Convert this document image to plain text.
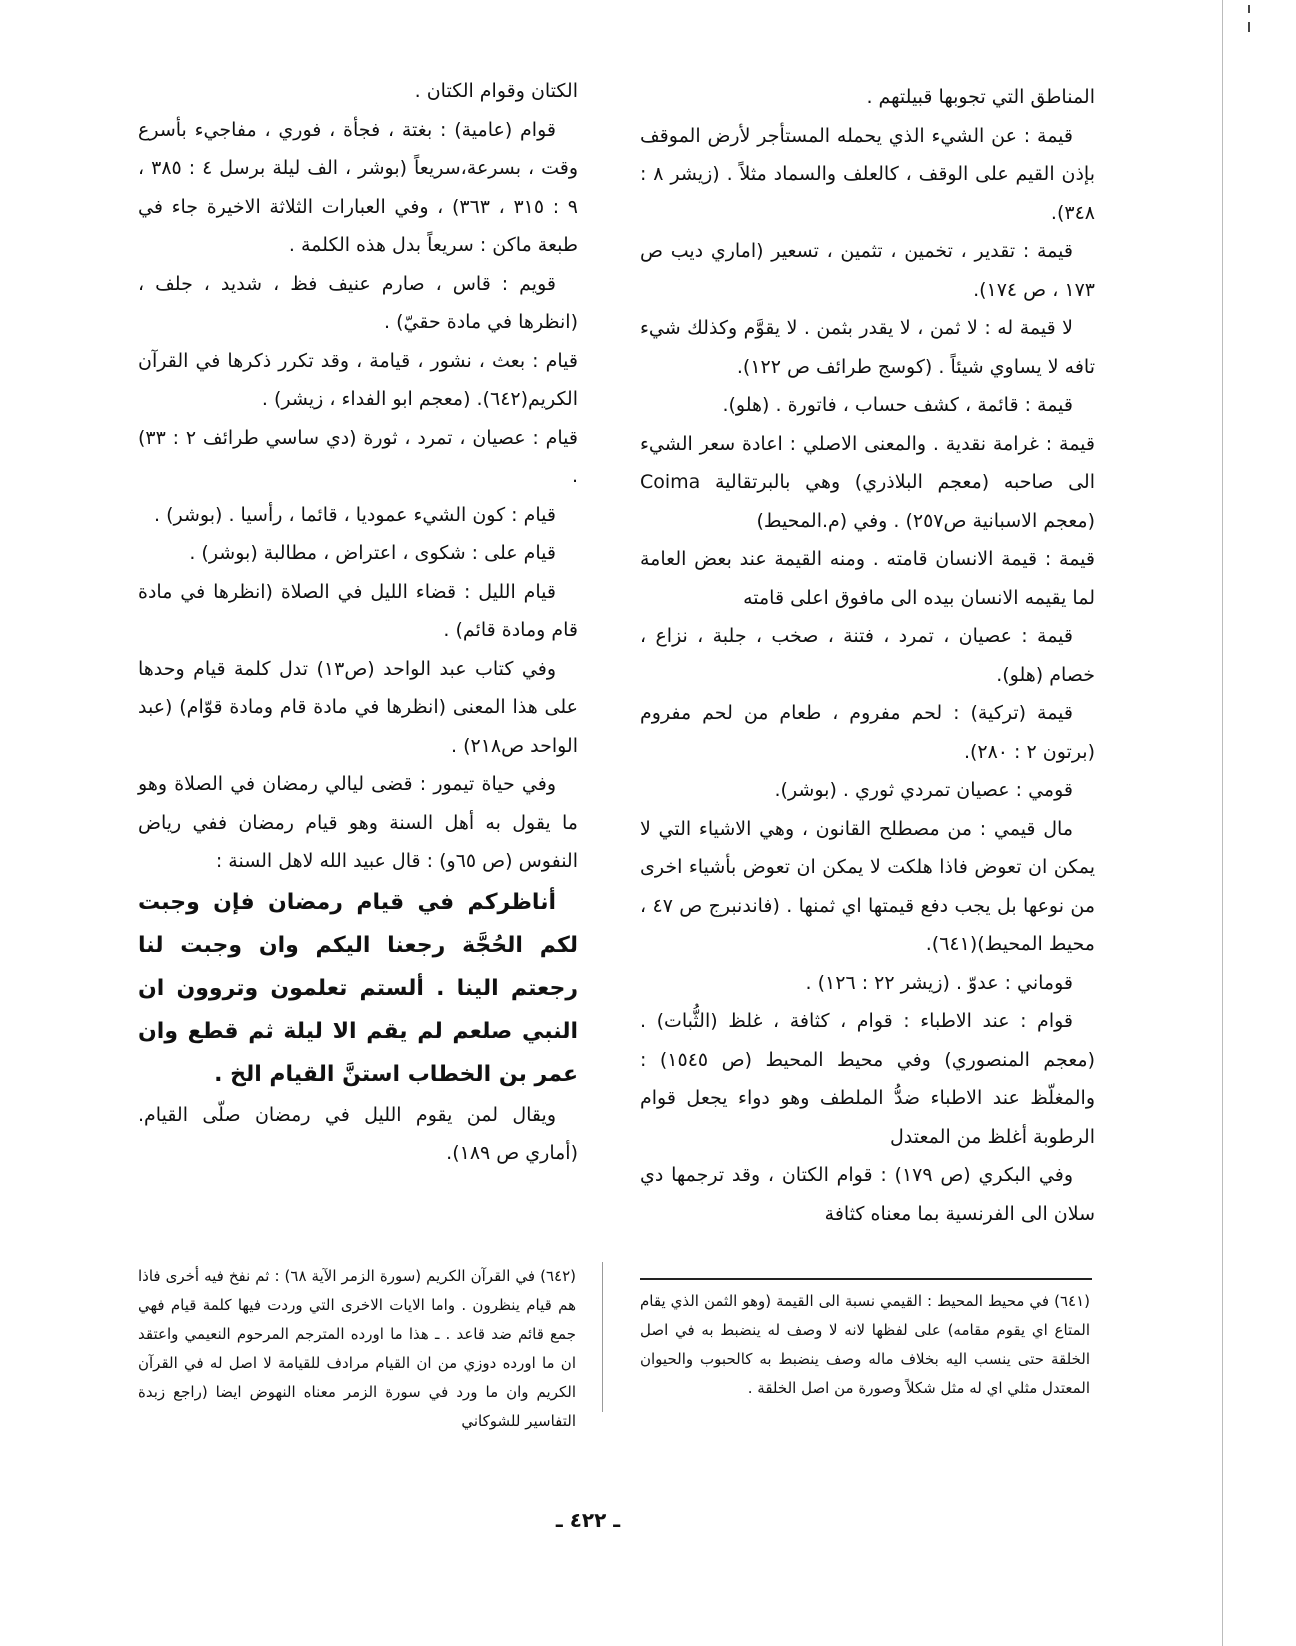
المناطق التي تجوبها قبيلتهم .

قيمة : عن الشيء الذي يحمله المستأجر لأرض الموقف بإذن القيم على الوقف ، كالعلف والسماد مثلاً . (زيشر ٨ : ٣٤٨).

قيمة : تقدير ، تخمين ، تثمين ، تسعير (اماري ديب ص ١٧٣ ، ص ١٧٤).

لا قيمة له : لا ثمن ، لا يقدر بثمن . لا يقوَّم وكذلك شيء تافه لا يساوي شيئاً . (كوسج طرائف ص ١٢٢).

قيمة : قائمة ، كشف حساب ، فاتورة . (هلو).

قيمة : غرامة نقدية . والمعنى الاصلي : اعادة سعر الشيء الى صاحبه (معجم البلاذري) وهي بالبرتقالية Coima (معجم الاسبانية ص٢٥٧) . وفي (م.المحيط)

قيمة : قيمة الانسان قامته . ومنه القيمة عند بعض العامة لما يقيمه الانسان بيده الى مافوق اعلى قامته

قيمة : عصيان ، تمرد ، فتنة ، صخب ، جلبة ، نزاع ، خصام (هلو).

قيمة (تركية) : لحم مفروم ، طعام من لحم مفروم (برتون ٢ : ٢٨٠).

قومي : عصيان تمردي ثوري . (بوشر).

مال قيمي : من مصطلح القانون ، وهي الاشياء التي لا يمكن ان تعوض فاذا هلكت لا يمكن ان تعوض بأشياء اخرى من نوعها بل يجب دفع قيمتها اي ثمنها . (فاندنبرج ص ٤٧ ، محيط المحيط)(٦٤١).

قوماني : عدوّ . (زيشر ٢٢ : ١٢٦) .

قوام : عند الاطباء : قوام ، كثافة ، غلظ (الثُّبات) . (معجم المنصوري) وفي محيط المحيط (ص ١٥٤٥) : والمغلّظ عند الاطباء ضدُّ الملطف وهو دواء يجعل قوام الرطوبة أغلظ من المعتدل

وفي البكري (ص ١٧٩) : قوام الكتان ، وقد ترجمها دي سلان الى الفرنسية بما معناه كثافة

(٦٤١) في محيط المحيط : القيمي نسبة الى القيمة (وهو الثمن الذي يقام المتاع اي يقوم مقامه) على لفظها لانه لا وصف له ينضبط به في اصل الخلقة حتى ينسب اليه بخلاف ماله وصف ينضبط به كالحبوب والحيوان المعتدل مثلي اي له مثل شكلاً وصورة من اصل الخلقة .

الكتان وقوام الكتان .

قوام (عامية) : بغتة ، فجأة ، فوري ، مفاجيء بأسرع وقت ، بسرعة،سريعاً (بوشر ، الف ليلة برسل ٤ : ٣٨٥ ، ٩ : ٣١٥ ، ٣٦٣) ، وفي العبارات الثلاثة الاخيرة جاء في طبعة ماكن : سريعاً بدل هذه الكلمة .

قويم : قاس ، صارم عنيف فظ ، شديد ، جلف ، (انظرها في مادة حقيّ) .

قيام : بعث ، نشور ، قيامة ، وقد تكرر ذكرها في القرآن الكريم(٦٤٢). (معجم ابو الفداء ، زيشر) .

قيام : عصيان ، تمرد ، ثورة (دي ساسي طرائف ٢ : ٣٣) .

قيام : كون الشيء عموديا ، قائما ، رأسيا . (بوشر) .

قيام على : شكوى ، اعتراض ، مطالبة (بوشر) .

قيام الليل : قضاء الليل في الصلاة (انظرها في مادة قام ومادة قائم) .

وفي كتاب عبد الواحد (ص١٣) تدل كلمة قيام وحدها على هذا المعنى (انظرها في مادة قام ومادة قوّام) (عبد الواحد ص٢١٨) .

وفي حياة تيمور : قضى ليالي رمضان في الصلاة وهو ما يقول به أهل السنة وهو قيام رمضان ففي رياض النفوس (ص ٦٥و) : قال عبيد الله لاهل السنة :

أناظركم في قيام رمضان فإن وجبت لكم الحُجَّة رجعنا اليكم وان وجبت لنا رجعتم الينا . ألستم تعلمون وتروون ان النبي صلعم لم يقم الا ليلة ثم قطع وان عمر بن الخطاب استنَّ القيام الخ .

ويقال لمن يقوم الليل في رمضان صلّى القيام. (أماري ص ١٨٩).

(٦٤٢) في القرآن الكريم (سورة الزمر الآية ٦٨) : ثم نفخ فيه أخرى فاذا هم قيام ينظرون . واما الايات الاخرى التي وردت فيها كلمة قيام فهي جمع قائم ضد قاعد . ـ هذا ما اورده المترجم المرحوم النعيمي واعتقد ان ما اورده دوزي من ان القيام مرادف للقيامة لا اصل له في القرآن الكريم وان ما ورد في سورة الزمر معناه النهوض ايضا (راجع زبدة التفاسير للشوكاني
ـ ٤٢٢ ـ
